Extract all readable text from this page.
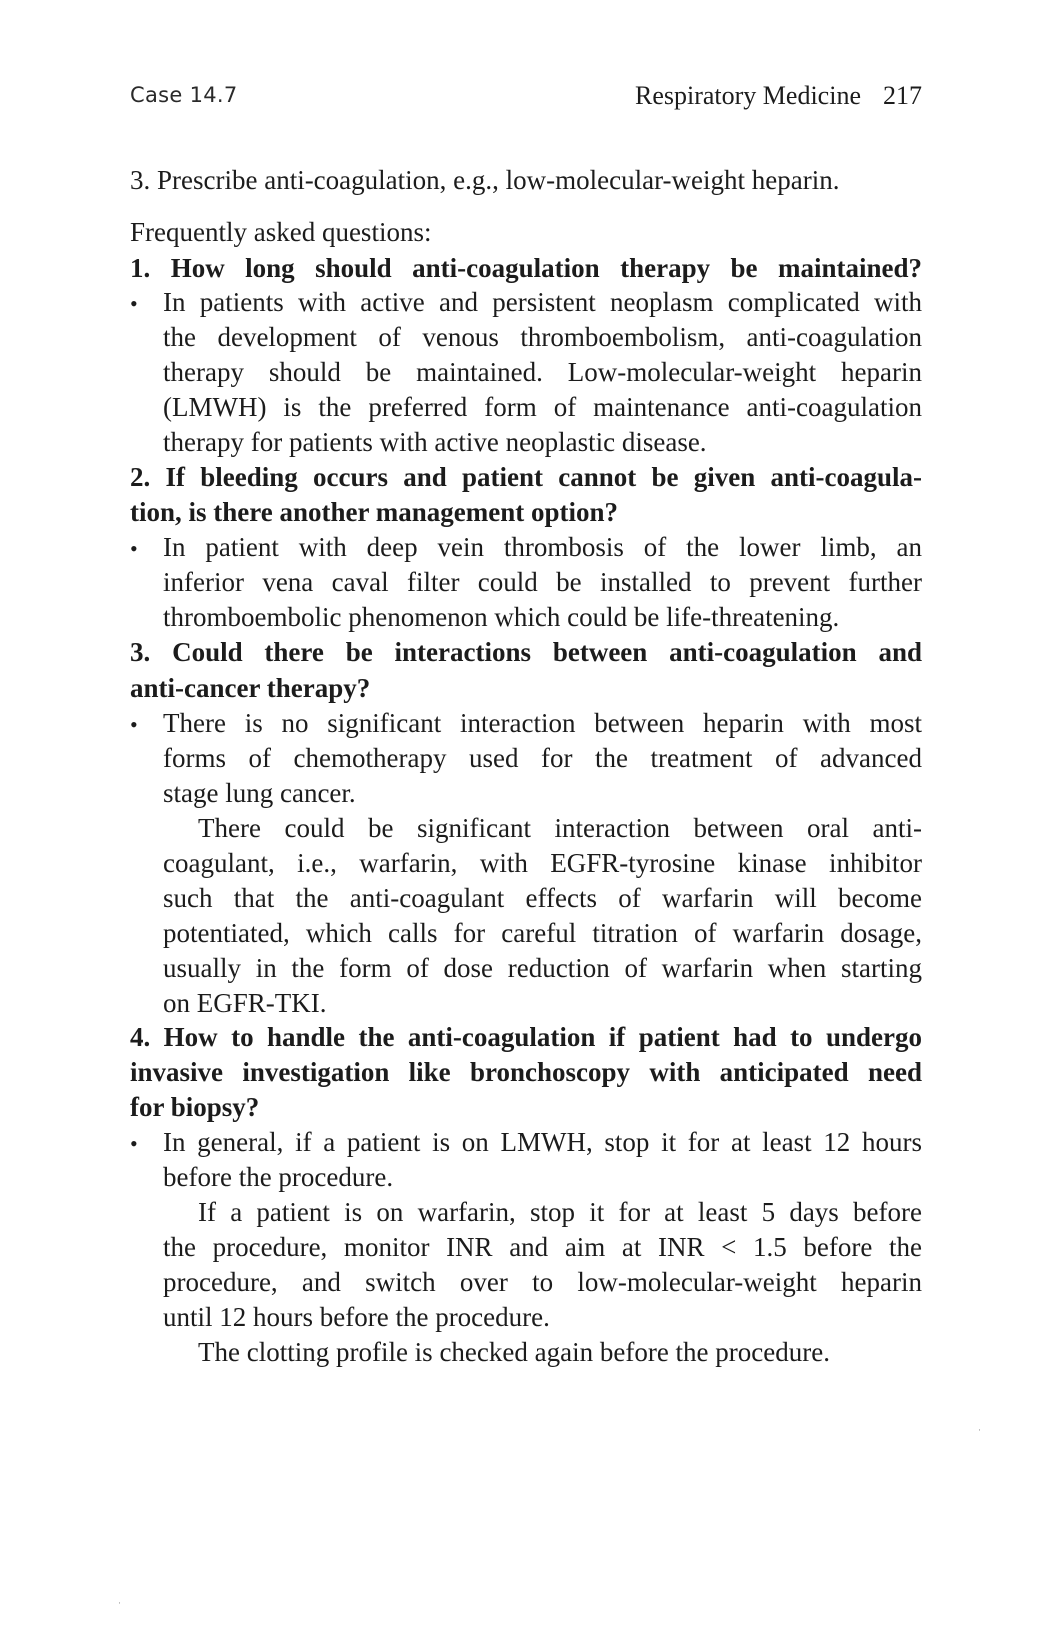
Case 14.7	Respiratory Medicine 217
3. Prescribe anti-coagulation, e.g., low-molecular-weight heparin.
Frequently asked questions:
1. How long should anti-coagulation therapy be maintained?
• In patients with active and persistent neoplasm complicated with
the development of venous thromboembolism, anti-coagulation
therapy should be maintained. Low-molecular-weight heparin
(LMWH) is the preferred form of maintenance anti-coagulation
therapy for patients with active neoplastic disease.
2. If bleeding occurs and patient cannot be given anti-coagula-
tion, is there another management option?
• In patient with deep vein thrombosis of the lower limb, an
inferior vena caval filter could be installed to prevent further
thromboembolic phenomenon which could be life-threatening.
3. Could there be interactions between anti-coagulation and
anti-cancer therapy?
• There is no significant interaction between heparin with most
forms of chemotherapy used for the treatment of advanced
stage lung cancer.
There could be significant interaction between oral anti-
coagulant, i.e., warfarin, with EGFR-tyrosine kinase inhibitor
such that the anti-coagulant effects of warfarin will become
potentiated, which calls for careful titration of warfarin dosage,
usually in the form of dose reduction of warfarin when starting
on EGFR-TKI.
4. How to handle the anti-coagulation if patient had to undergo
invasive investigation like bronchoscopy with anticipated need
for biopsy?
• In general, if a patient is on LMWH, stop it for at least 12 hours
before the procedure.
If a patient is on warfarin, stop it for at least 5 days before
the procedure, monitor INR and aim at INR < 1.5 before the
procedure, and switch over to low-molecular-weight heparin
until 12 hours before the procedure.
The clotting profile is checked again before the procedure.
·
·
